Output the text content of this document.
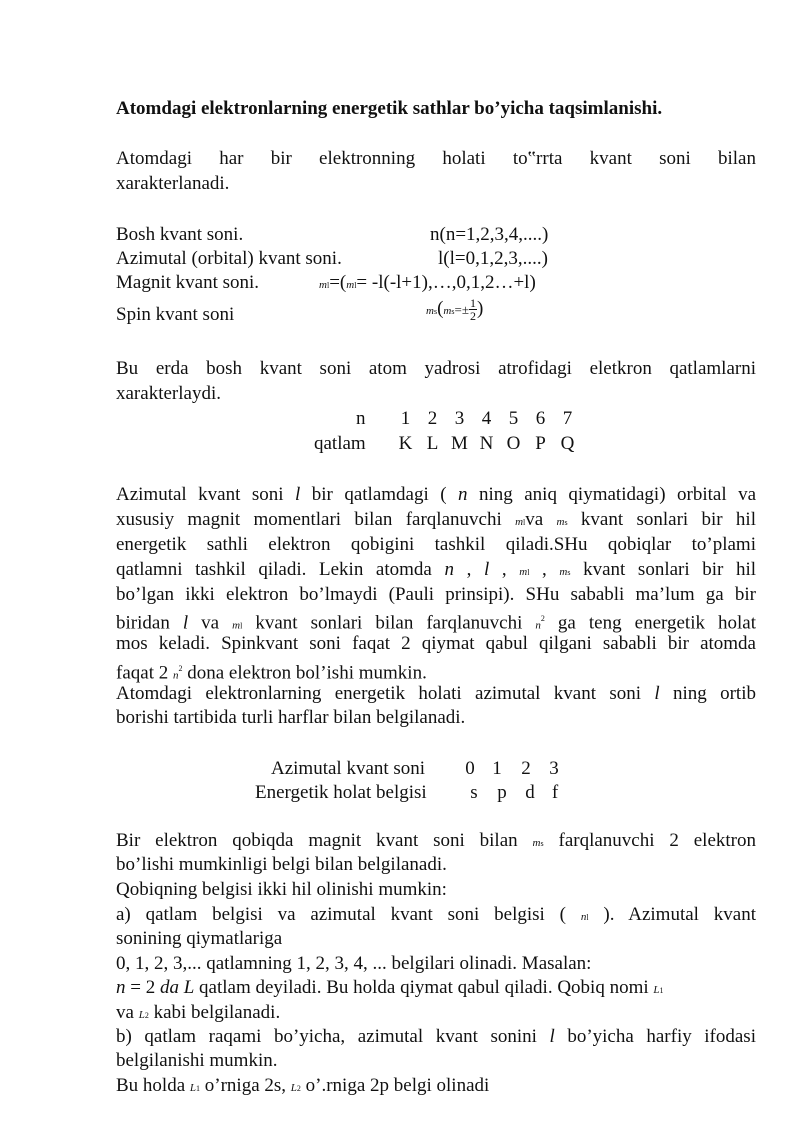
Atomdagi elektronlarning energetik sathlar bo’yicha taqsimlanishi.
Atomdagi har bir elektronning holati to‟rrta kvant soni bilan
xarakterlanadi.
Bosh kvant soni.	n(n=1,2,3,4,....)
Azimutal (orbital) kvant soni.	l(l=0,1,2,3,....)
Magnit kvant soni.	ml=(ml= -l(-l+1),…,0,1,2…+l)
Spin kvant soni	$ms(ms=\pm \frac{1}{2}$ )
Bu erda bosh kvant soni atom yadrosi atrofidagi eletkron qatlamlarni
xarakterlaydi.
n 1 2 3 4 5 6 7
qatlam K L M N O P Q
Azimutal kvant soni l bir qatlamdagi ( n ning aniq qiymatidagi) orbital va
xususiy magnit momentlari bilan farqlanuvchi mlva ms kvant sonlari bir hil
energetik sathli elektron qobigini tashkil qiladi.SHu qobiqlar to’plami
qatlamni tashkil qiladi. Lekin atomda n , l , ml , ms kvant sonlari bir hil
bo’lgan ikki elektron bo’lmaydi (Pauli prinsipi). SHu sababli ma’lum ga bir
biridan l va ml kvant sonlari bilan farqlanuvchi $n^2$ ga teng energetik holat
mos keladi. Spinkvant soni faqat 2 qiymat qabul qilgani sababli bir atomda
faqat 2 $n^2$ dona elektron bol’ishi mumkin.
Atomdagi elektronlarning energetik holati azimutal kvant soni l ning ortib
borishi tartibida turli harflar bilan belgilanadi.
Azimutal kvant soni 0 1 2 3
Energetik holat belgisi s p d f
Bir elektron qobiqda magnit kvant soni bilan ms farqlanuvchi 2 elektron
bo’lishi mumkinligi belgi bilan belgilanadi.
Qobiqning belgisi ikki hil olinishi mumkin:
a) qatlam belgisi va azimutal kvant soni belgisi ( nl ). Azimutal kvant
sonining qiymatlariga
0, 1, 2, 3,... qatlamning 1, 2, 3, 4, ... belgilari olinadi. Masalan:
n = 2 da L qatlam deyiladi. Bu holda qiymat qabul qiladi. Qobiq nomi L1
va L2 kabi belgilanadi.
b) qatlam raqami bo’yicha, azimutal kvant sonini l bo’yicha harfiy ifodasi
belgilanishi mumkin.
Bu holda L1 o’rniga 2s, L2 o’.rniga 2p belgi olinadi
